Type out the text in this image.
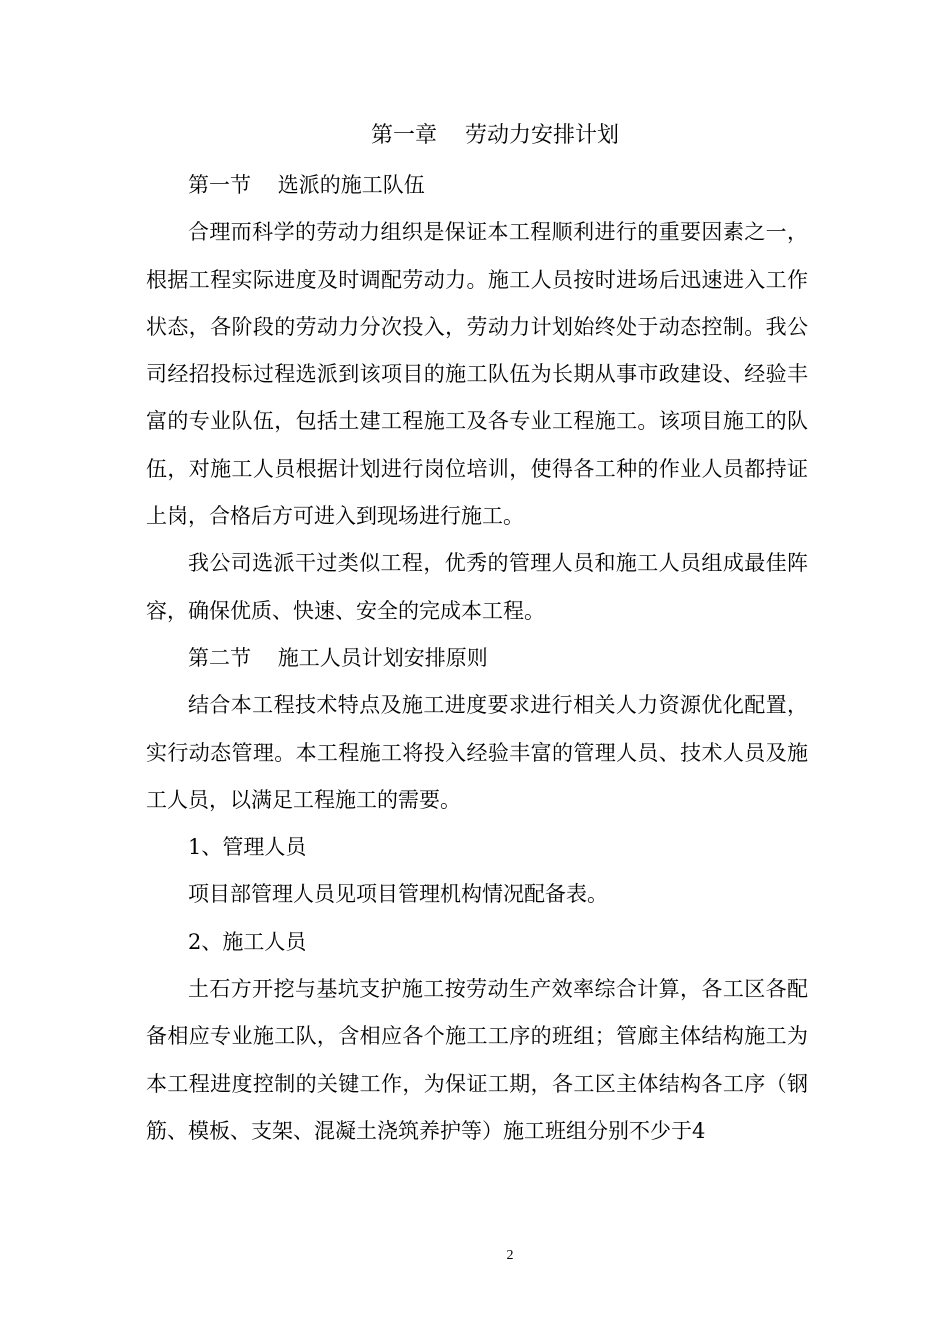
第一章    劳动力安排计划

第一节    选派的施工队伍

合理而科学的劳动力组织是保证本工程顺利进行的重要因素之一，根据工程实际进度及时调配劳动力。施工人员按时进场后迅速进入工作状态，各阶段的劳动力分次投入，劳动力计划始终处于动态控制。我公司经招投标过程选派到该项目的施工队伍为长期从事市政建设、经验丰富的专业队伍，包括土建工程施工及各专业工程施工。该项目施工的队伍，对施工人员根据计划进行岗位培训，使得各工种的作业人员都持证上岗，合格后方可进入到现场进行施工。

我公司选派干过类似工程，优秀的管理人员和施工人员组成最佳阵容，确保优质、快速、安全的完成本工程。

第二节    施工人员计划安排原则

结合本工程技术特点及施工进度要求进行相关人力资源优化配置，实行动态管理。本工程施工将投入经验丰富的管理人员、技术人员及施工人员，以满足工程施工的需要。

1、管理人员

项目部管理人员见项目管理机构情况配备表。

2、施工人员

土石方开挖与基坑支护施工按劳动生产效率综合计算，各工区各配备相应专业施工队，含相应各个施工工序的班组；管廊主体结构施工为本工程进度控制的关键工作，为保证工期，各工区主体结构各工序（钢筋、模板、支架、混凝土浇筑养护等）施工班组分别不少于4

2
